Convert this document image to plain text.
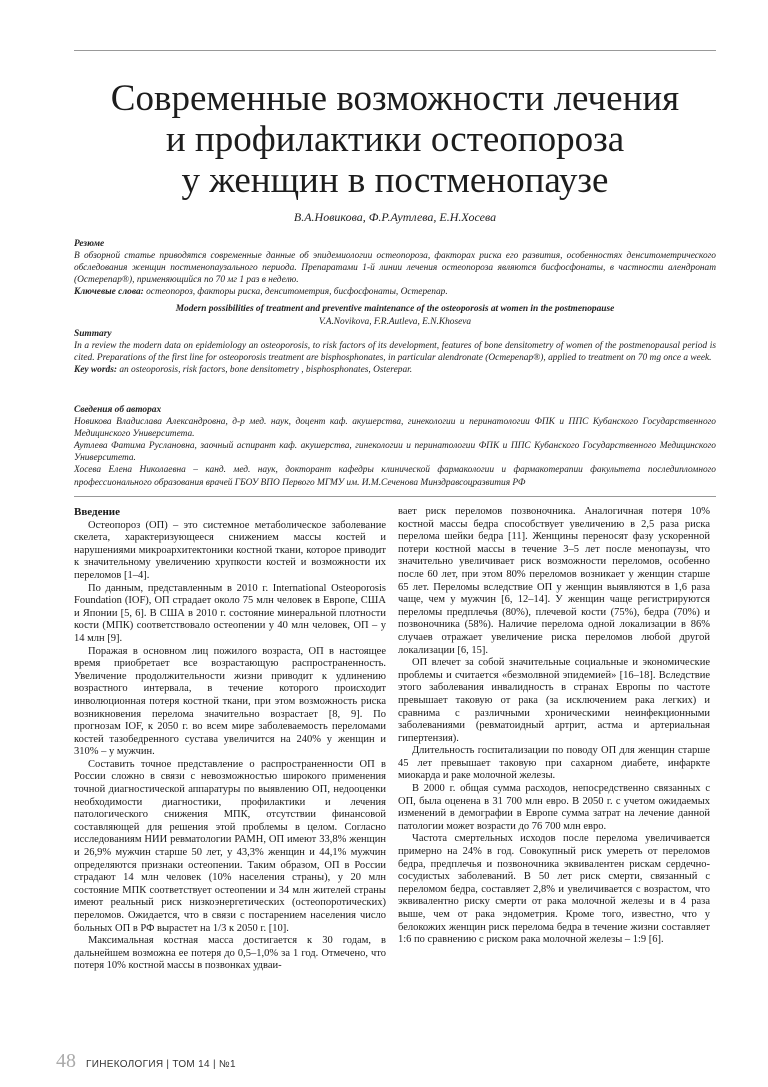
Современные возможности лечения
и профилактики остеопороза
у женщин в постменопаузе
В.А.Новикова, Ф.Р.Аутлева, Е.Н.Хосева
Резюме
В обзорной статье приводятся современные данные об эпидемиологии остеопороза, факторах риска его развития, особенностях денситометрического обследования женщин постменопаузального периода. Препаратами 1-й линии лечения остеопороза являются бисфосфонаты, в частности алендронат (Остерепар®), применяющийся по 70 мг 1 раз в неделю.
Ключевые слова: остеопороз, факторы риска, денситометрия, бисфосфонаты, Остерепар.
Modern possibilities of treatment and preventive maintenance of the osteoporosis at women in the postmenopause
V.A.Novikova, F.R.Autleva, E.N.Khoseva
Summary
In a review the modern data on epidemiology an osteoporosis, to risk factors of its development, features of bone densitometry of women of the postmenopausal period is cited. Preparations of the first line for osteoporosis treatment are bisphosphonates, in particular alendronate (Остерепар®), applied to treatment on 70 mg once a week.
Key words: an osteoporosis, risk factors, bone densitometry , bisphosphonates, Osterepar.
Сведения об авторах
Новикова Владислава Александровна, д-р мед. наук, доцент каф. акушерства, гинекологии и перинатологии ФПК и ППС Кубанского Государственного Медицинского Университета.
Аутлева Фатима Руслановна, заочный аспирант каф. акушерства, гинекологии и перинатологии ФПК и ППС Кубанского Государственного Медицинского Университета.
Хосева Елена Николаевна – канд. мед. наук, докторант кафедры клинической фармакологии и фармакотерапии факультета последипломного профессионального образования врачей ГБОУ ВПО Первого МГМУ им. И.М.Сеченова Минздравсоцразвития РФ

Введение

Остеопороз (ОП) – это системное метаболическое заболевание скелета, характеризующееся снижением массы костей и нарушениями микроархитектоники костной ткани, которое приводит к значительному увеличению хрупкости костей и возможности их переломов [1–4].

По данным, представленным в 2010 г. International Osteoporosis Foundation (IOF), ОП страдает около 75 млн человек в Европе, США и Японии [5, 6]. В США в 2010 г. состояние минеральной плотности кости (МПК) соответствовало остеопении у 40 млн человек, ОП – у 14 млн [9].

Поражая в основном лиц пожилого возраста, ОП в настоящее время приобретает все возрастающую распространенность. Увеличение продолжительности жизни приводит к удлинению возрастного интервала, в течение которого происходит инволюционная потеря костной ткани, при этом возможность риска возникновения перелома значительно возрастает [8, 9]. По прогнозам IOF, к 2050 г. во всем мире заболеваемость переломами костей тазобедренного сустава увеличится на 240% у женщин и 310% – у мужчин.

Составить точное представление о распространенности ОП в России сложно в связи с невозможностью широкого применения точной диагностической аппаратуры по выявлению ОП, недооценки необходимости диагностики, профилактики и лечения патологического снижения МПК, отсутствии финансовой составляющей для решения этой проблемы в целом. Согласно исследованиям НИИ ревматологии РАМН, ОП имеют 33,8% женщин и 26,9% мужчин старше 50 лет, у 43,3% женщин и 44,1% мужчин определяются признаки остеопении. Таким образом, ОП в России страдают 14 млн человек (10% населения страны), у 20 млн состояние МПК соответствует остеопении и 34 млн жителей страны имеют реальный риск низкоэнергетических (остеопоротических) переломов. Ожидается, что в связи с постарением населения число больных ОП в РФ вырастет на 1/3 к 2050 г. [10].

Максимальная костная масса достигается к 30 годам, в дальнейшем возможна ее потеря до 0,5–1,0% за 1 год. Отмечено, что потеря 10% костной массы в позвонках удваи-

вает риск переломов позвоночника. Аналогичная потеря 10% костной массы бедра способствует увеличению в 2,5 раза риска перелома шейки бедра [11]. Женщины переносят фазу ускоренной потери костной массы в течение 3–5 лет после менопаузы, что значительно увеличивает риск возможности переломов, особенно после 60 лет, при этом 80% переломов возникает у женщин старше 65 лет. Переломы вследствие ОП у женщин выявляются в 1,6 раза чаще, чем у мужчин [6, 12–14]. У женщин чаще регистрируются переломы предплечья (80%), плечевой кости (75%), бедра (70%) и позвоночника (58%). Наличие перелома одной локализации в 86% случаев отражает увеличение риска переломов любой другой локализации [6, 15].

ОП влечет за собой значительные социальные и экономические проблемы и считается «безмолвной эпидемией» [16–18]. Вследствие этого заболевания инвалидность в странах Европы по частоте превышает таковую от рака (за исключением рака легких) и сравнима с различными хроническими неинфекционными заболеваниями (ревматоидный артрит, астма и артериальная гипертензия).

Длительность госпитализации по поводу ОП для женщин старше 45 лет превышает таковую при сахарном диабете, инфаркте миокарда и раке молочной железы.

В 2000 г. общая сумма расходов, непосредственно связанных с ОП, была оценена в 31 700 млн евро. В 2050 г. с учетом ожидаемых изменений в демографии в Европе сумма затрат на лечение данной патологии может возрасти до 76 700 млн евро.

Частота смертельных исходов после перелома увеличивается примерно на 24% в год. Совокупный риск умереть от переломов бедра, предплечья и позвоночника эквивалентен рискам сердечно-сосудистых заболеваний. В 50 лет риск смерти, связанный с переломом бедра, составляет 2,8% и увеличивается с возрастом, что эквивалентно риску смерти от рака молочной железы и в 4 раза выше, чем от рака эндометрия. Кроме того, известно, что у белокожих женщин риск перелома бедра в течение жизни составляет 1:6 по сравнению с риском рака молочной железы – 1:9 [6].

48 ГИНЕКОЛОГИЯ | ТОМ 14 | №1
